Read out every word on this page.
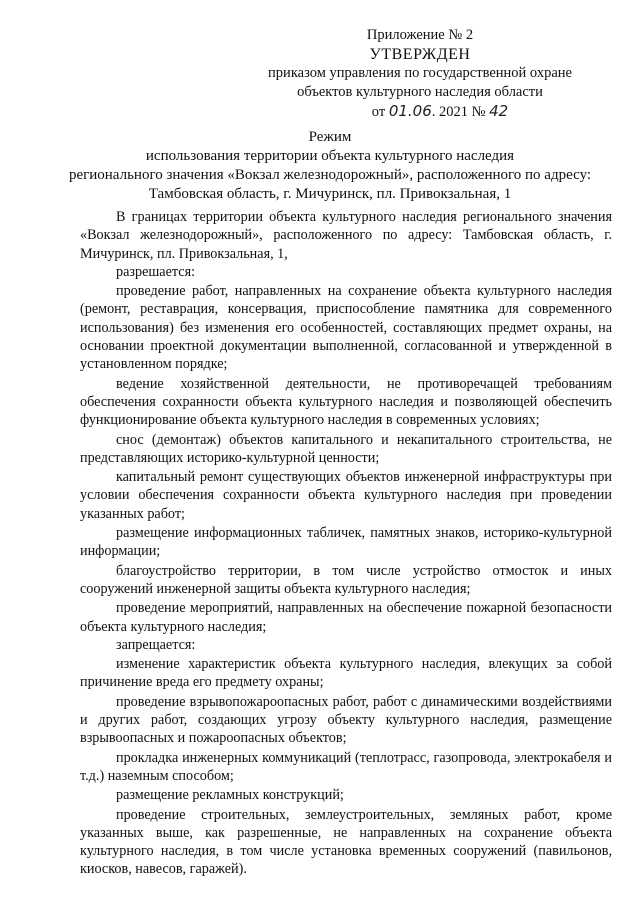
Приложение № 2
УТВЕРЖДЕН
приказом управления по государственной охране
объектов культурного наследия области
от 01.06. 2021 № 42
Режим
использования территории объекта культурного наследия
регионального значения «Вокзал железнодорожный», расположенного по адресу:
Тамбовская область, г. Мичуринск, пл. Привокзальная, 1

В границах территории объекта культурного наследия регионального значения «Вокзал железнодорожный», расположенного по адресу: Тамбовская область, г. Мичуринск, пл. Привокзальная, 1,

разрешается:

проведение работ, направленных на сохранение объекта культурного наследия (ремонт, реставрация, консервация, приспособление памятника для современного использования) без изменения его особенностей, составляющих предмет охраны, на основании проектной документации выполненной, согласованной и утвержденной в установленном порядке;

ведение хозяйственной деятельности, не противоречащей требованиям обеспечения сохранности объекта культурного наследия и позволяющей обеспечить функционирование объекта культурного наследия в современных условиях;

снос (демонтаж) объектов капитального и некапитального строительства, не представляющих историко-культурной ценности;

капитальный ремонт существующих объектов инженерной инфраструктуры при условии обеспечения сохранности объекта культурного наследия при проведении указанных работ;

размещение информационных табличек, памятных знаков, историко-культурной информации;

благоустройство территории, в том числе устройство отмосток и иных сооружений инженерной защиты объекта культурного наследия;

проведение мероприятий, направленных на обеспечение пожарной безопасности объекта культурного наследия;

запрещается:

изменение характеристик объекта культурного наследия, влекущих за собой причинение вреда его предмету охраны;

проведение взрывопожароопасных работ, работ с динамическими воздействиями и других работ, создающих угрозу объекту культурного наследия, размещение взрывоопасных и пожароопасных объектов;

прокладка инженерных коммуникаций (теплотрасс, газопровода, электрокабеля и т.д.) наземным способом;

размещение рекламных конструкций;

проведение строительных, землеустроительных, земляных работ, кроме указанных выше, как разрешенные, не направленных на сохранение объекта культурного наследия, в том числе установка временных сооружений (павильонов, киосков, навесов, гаражей).
